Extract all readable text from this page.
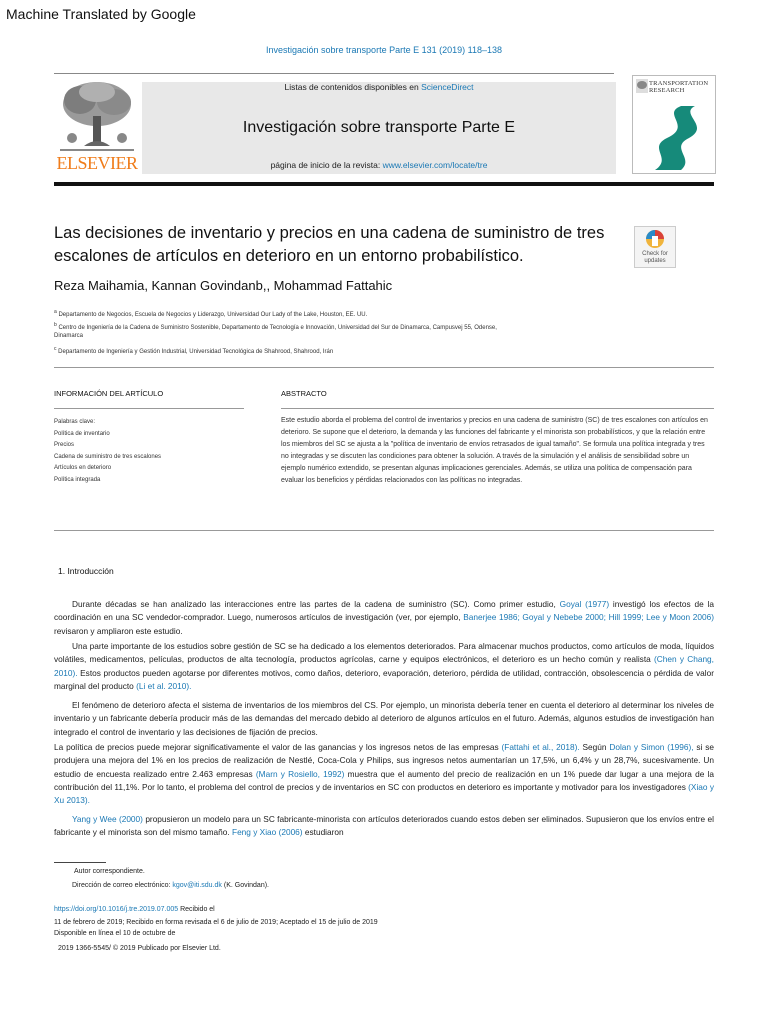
Machine Translated by Google
Investigación sobre transporte Parte E 131 (2019) 118–138
ELSEVIER
Listas de contenidos disponibles en ScienceDirect
Investigación sobre transporte Parte E
página de inicio de la revista: www.elsevier.com/locate/tre
TRANSPORTATION RESEARCH
Las decisiones de inventario y precios en una cadena de suministro de tres
escalones de artículos en deterioro en un entorno probabilístico.	Check for updates
Reza Maihamia, Kannan Govindanb,, Mohammad Fattahic
$^a$ Departamento de Negocios, Escuela de Negocios y Liderazgo, Universidad Our Lady of the Lake, Houston, EE. UU.
$^b$ Centro de Ingeniería de la Cadena de Suministro Sostenible, Departamento de Tecnología e Innovación, Universidad del Sur de Dinamarca, Campusvej 55, Odense,
Dinamarca
$^c$ Departamento de Ingeniería y Gestión Industrial, Universidad Tecnológica de Shahrood, Shahrood, Irán
INFORMACIÓN DEL ARTÍCULO
Palabras clave:
Política de inventario
Precios
Cadena de suministro de tres escalones
Artículos en deterioro
Política integrada
ABSTRACTO
Este estudio aborda el problema del control de inventarios y precios en una cadena de suministro (SC) de tres escalones con artículos en deterioro. Se supone que el deterioro, la demanda y las funciones del fabricante y el minorista son probabilísticos, y que la relación entre los miembros del SC se ajusta a la "política de inventario de envíos retrasados de igual tamaño". Se formula una política integrada y tres no integradas y se discuten las condiciones para obtener la solución. A través de la simulación y el análisis de sensibilidad sobre un ejemplo numérico extendido, se presentan algunas implicaciones gerenciales. Además, se utiliza una política de compensación para evaluar los beneficios y pérdidas relacionados con las políticas no integradas.
1. Introducción
Durante décadas se han analizado las interacciones entre las partes de la cadena de suministro (SC). Como primer estudio, Goyal (1977) investigó los efectos de la coordinación en una SC vendedor-comprador. Luego, numerosos artículos de investigación (ver, por ejemplo, Banerjee 1986; Goyal y Nebebe 2000; Hill 1999; Lee y Moon 2006) revisaron y ampliaron este estudio.
Una parte importante de los estudios sobre gestión de SC se ha dedicado a los elementos deteriorados. Para almacenar muchos productos, como artículos de moda, líquidos volátiles, medicamentos, películas, productos de alta tecnología, productos agrícolas, carne y equipos electrónicos, el deterioro es un hecho común y realista (Chen y Chang, 2010). Estos productos pueden agotarse por diferentes motivos, como daños, deterioro, evaporación, deterioro, pérdida de utilidad, contracción, obsolescencia o pérdida de valor marginal del producto (Li et al. 2010).
El fenómeno de deterioro afecta el sistema de inventarios de los miembros del CS. Por ejemplo, un minorista debería tener en cuenta el deterioro al determinar los niveles de inventario y un fabricante debería producir más de las demandas del mercado debido al deterioro de algunos artículos en el futuro. Además, algunos estudios de investigación han integrado el control de inventario y las decisiones de fijación de precios.
La política de precios puede mejorar significativamente el valor de las ganancias y los ingresos netos de las empresas (Fattahi et al., 2018). Según Dolan y Simon (1996), si se produjera una mejora del 1% en los precios de realización de Nestlé, Coca-Cola y Philips, sus ingresos netos aumentarían un 17,5%, un 6,4% y un 28,7%, sucesivamente. Un estudio de encuesta realizado entre 2.463 empresas (Marn y Rosiello, 1992) muestra que el aumento del precio de realización en un 1% puede dar lugar a una mejora de la contribución del 11,1%. Por lo tanto, el problema del control de precios y de inventarios en SC con productos en deterioro es importante y motivador para los investigadores (Xiao y Xu 2013).
Yang y Wee (2000) propusieron un modelo para un SC fabricante-minorista con artículos deteriorados cuando estos deben ser eliminados. Supusieron que los envíos entre el fabricante y el minorista son del mismo tamaño. Feng y Xiao (2006) estudiaron
Autor correspondiente.
Dirección de correo electrónico: kgov@iti.sdu.dk (K. Govindan).
https://doi.org/10.1016/j.tre.2019.07.005 Recibido el
11 de febrero de 2019; Recibido en forma revisada el 6 de julio de 2019; Aceptado el 15 de julio de 2019
Disponible en línea el 10 de octubre de
2019 1366-5545/ © 2019 Publicado por Elsevier Ltd.
